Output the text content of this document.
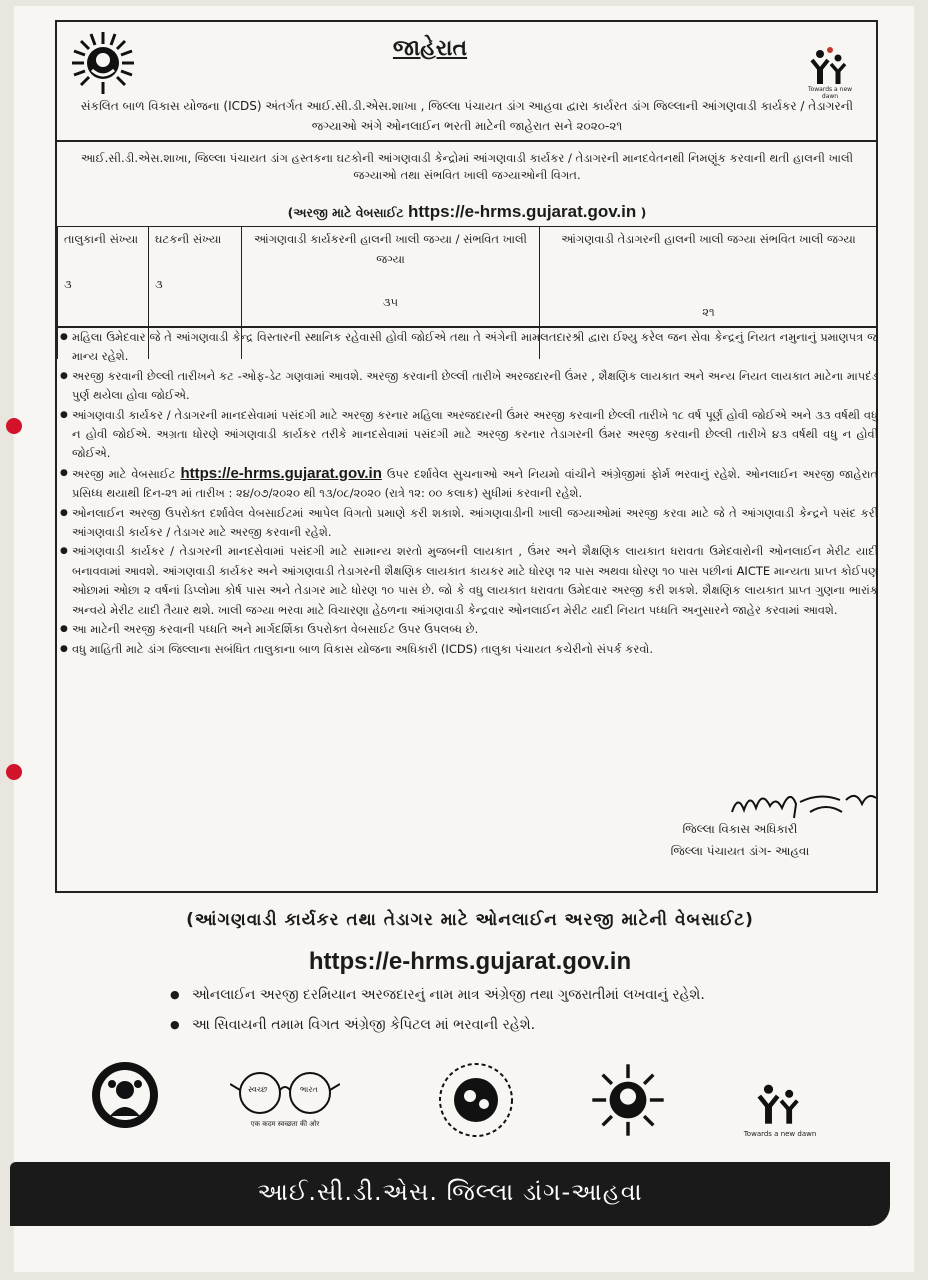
Towards a new dawn
જાહેરાત
સંકલિત બાળ વિકાસ યોજના (ICDS) અંતર્ગત આઈ.સી.ડી.એસ.શાખા , જિલ્લા પંચાયત ડાંગ આહવા દ્વારા કાર્યરત ડાંગ જિલ્લાની આંગણવાડી કાર્યકર / તેડાગરની જગ્યાઓ અંગે ઓનલાઈન ભરતી માટેની જાહેરાત સને ૨૦૨૦-૨૧
આઈ.સી.ડી.એસ.શાખા, જિલ્લા પંચાયત ડાંગ હસ્તકના ઘટકોની આંગણવાડી કેન્દ્રોમાં આંગણવાડી કાર્યકર / તેડાગરની માનદવેતનથી નિમણૂંક કરવાની થતી હાલની ખાલી જગ્યાઓ તથા સંભવિત ખાલી જગ્યાઓની વિગત.
(અરજી માટે વેબસાઈટ https://e-hrms.gujarat.gov.in )
તાલુકાની સંખ્યા	ઘટકની સંખ્યા	આંગણવાડી કાર્યકરની હાલની ખાલી જગ્યા / સંભવિત ખાલી જગ્યા	આંગણવાડી તેડાગરની હાલની ખાલી જગ્યા સંભવિત ખાલી જગ્યા
૩	૩	૩૫	૨૧
● મહિલા ઉમેદવાર જે તે આંગણવાડી કેન્દ્ર વિસ્તારની સ્થાનિક રહેવાસી હોવી જોઈએ તથા તે અંગેની મામલતદારશ્રી દ્વારા ઈશ્યુ કરેલ જન સેવા કેન્દ્રનું નિયત નમુનાનું પ્રમાણપત્ર જ માન્ય રહેશે.
● અરજી કરવાની છેલ્લી તારીખને કટ -ઓફ-ડેટ ગણવામાં આવશે. અરજી કરવાની છેલ્લી તારીખે અરજદારની ઉંમર , શૈક્ષણિક લાયકાત અને અન્ય નિયત લાયકાત માટેના માપદંડ પુર્ણ થયેલા હોવા જોઈએ.
● આંગણવાડી કાર્યકર / તેડાગરની માનદસેવામાં પસંદગી માટે અરજી કરનાર મહિલા અરજદારની ઉંમર અરજી કરવાની છેલ્લી તારીખે ૧૮ વર્ષ પૂર્ણ હોવી જોઈએ અને ૩૩ વર્ષથી વધુ ન હોવી જોઈએ. અગ્રતા ધોરણે આંગણવાડી કાર્યકર તરીકે માનદસેવામાં પસંદગી માટે અરજી કરનાર તેડાગરની ઉંમર અરજી કરવાની છેલ્લી તારીખે ૪૩ વર્ષથી વધુ ન હોવી જોઈએ.
● અરજી માટે વેબસાઈટ https://e-hrms.gujarat.gov.in ઉપર દર્શાવેલ સુચનાઓ અને નિયમો વાંચીને અંગ્રેજીમાં ફોર્મ ભરવાનું રહેશે. ઓનલાઈન અરજી જાહેરાત પ્રસિધ્ધ થયાથી દિન-૨૧ માં તારીખ : ૨૪/૦૭/૨૦૨૦ થી ૧૩/૦૮/૨૦૨૦ (રાત્રે ૧૨: ૦૦ કલાક) સુધીમાં કરવાની રહેશે.
● ઓનલાઈન અરજી ઉપરોક્ત દર્શાવેલ વેબસાઈટમાં આપેલ વિગતો પ્રમાણે કરી શકાશે. આંગણવાડીની ખાલી જગ્યાઓમાં અરજી કરવા માટે જે તે આંગણવાડી કેન્દ્રને પસંદ કરી આંગણવાડી કાર્યકર / તેડાગર માટે અરજી કરવાની રહેશે.
● આંગણવાડી કાર્યકર / તેડાગરની માનદસેવામાં પસંદગી માટે સામાન્ય શરતો મુજબની લાયકાત , ઉંમર અને શૈક્ષણિક લાયકાત ધરાવતા ઉમેદવારોની ઓનલાઈન મેરીટ યાદી બનાવવામાં આવશે. આંગણવાડી કાર્યકર અને આંગણવાડી તેડાગરની શૈક્ષણિક લાયકાત કાયકર માટે ધોરણ ૧૨ પાસ અથવા ધોરણ ૧૦ પાસ પછીનાં AICTE માન્યતા પ્રાપ્ત કોઈપણ ઓછામાં ઓછા ૨ વર્ષનાં ડિપ્લોમા કોર્ષ પાસ અને તેડાગર માટે ધોરણ ૧૦ પાસ છે. જો કે વધુ લાયકાત ધરાવતા ઉમેદવાર અરજી કરી શકશે. શૈક્ષણિક લાયકાત પ્રાપ્ત ગુણના ભારાંક અન્વયે મેરીટ યાદી તૈયાર થશે. ખાલી જગ્યા ભરવા માટે વિચારણા હેઠળના આંગણવાડી કેન્દ્રવાર ઓનલાઈન મેરીટ યાદી નિયત પધ્ધતિ અનુસારને જાહેર કરવામાં આવશે.
● આ માટેની અરજી કરવાની પધ્ધતિ અને માર્ગદર્શિકા ઉપરોક્ત વેબસાઈટ ઉપર ઉપલબ્ધ છે.
● વધુ માહિતી માટે ડાંગ જિલ્લાના સબંધિત તાલુકાના બાળ વિકાસ યોજના અધિકારી (ICDS) તાલુકા પંચાયત કચેરીનો સંપર્ક કરવો.
જિલ્લા વિકાસ અધિકારી
જિલ્લા પંચાયત ડાંગ- આહવા
(આંગણવાડી કાર્યકર તથા તેડાગર માટે ઓનલાઈન અરજી માટેની વેબસાઈટ)
https://e-hrms.gujarat.gov.in
● ઓનલાઈન અરજી દરમિયાન અરજદારનું નામ માત્ર અંગ્રેજી તથા ગુજરાતીમાં લખવાનું રહેશે.
● આ સિવાયની તમામ વિગત અંગ્રેજી કેપિટલ માં ભરવાની રહેશે.
સ્વચ્છ	ભારત
एक कदम स्वच्छता की ओर
Towards a new dawn
આઈ.સી.ડી.એસ. જિલ્લા ડાંગ-આહવા
